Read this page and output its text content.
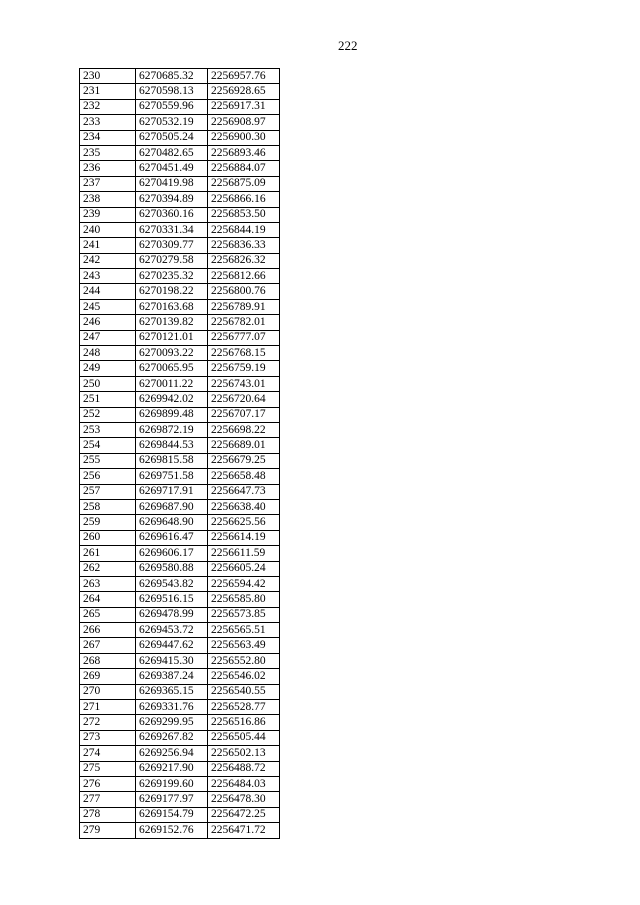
222
230	6270685.32	2256957.76
231	6270598.13	2256928.65
232	6270559.96	2256917.31
233	6270532.19	2256908.97
234	6270505.24	2256900.30
235	6270482.65	2256893.46
236	6270451.49	2256884.07
237	6270419.98	2256875.09
238	6270394.89	2256866.16
239	6270360.16	2256853.50
240	6270331.34	2256844.19
241	6270309.77	2256836.33
242	6270279.58	2256826.32
243	6270235.32	2256812.66
244	6270198.22	2256800.76
245	6270163.68	2256789.91
246	6270139.82	2256782.01
247	6270121.01	2256777.07
248	6270093.22	2256768.15
249	6270065.95	2256759.19
250	6270011.22	2256743.01
251	6269942.02	2256720.64
252	6269899.48	2256707.17
253	6269872.19	2256698.22
254	6269844.53	2256689.01
255	6269815.58	2256679.25
256	6269751.58	2256658.48
257	6269717.91	2256647.73
258	6269687.90	2256638.40
259	6269648.90	2256625.56
260	6269616.47	2256614.19
261	6269606.17	2256611.59
262	6269580.88	2256605.24
263	6269543.82	2256594.42
264	6269516.15	2256585.80
265	6269478.99	2256573.85
266	6269453.72	2256565.51
267	6269447.62	2256563.49
268	6269415.30	2256552.80
269	6269387.24	2256546.02
270	6269365.15	2256540.55
271	6269331.76	2256528.77
272	6269299.95	2256516.86
273	6269267.82	2256505.44
274	6269256.94	2256502.13
275	6269217.90	2256488.72
276	6269199.60	2256484.03
277	6269177.97	2256478.30
278	6269154.79	2256472.25
279	6269152.76	2256471.72
